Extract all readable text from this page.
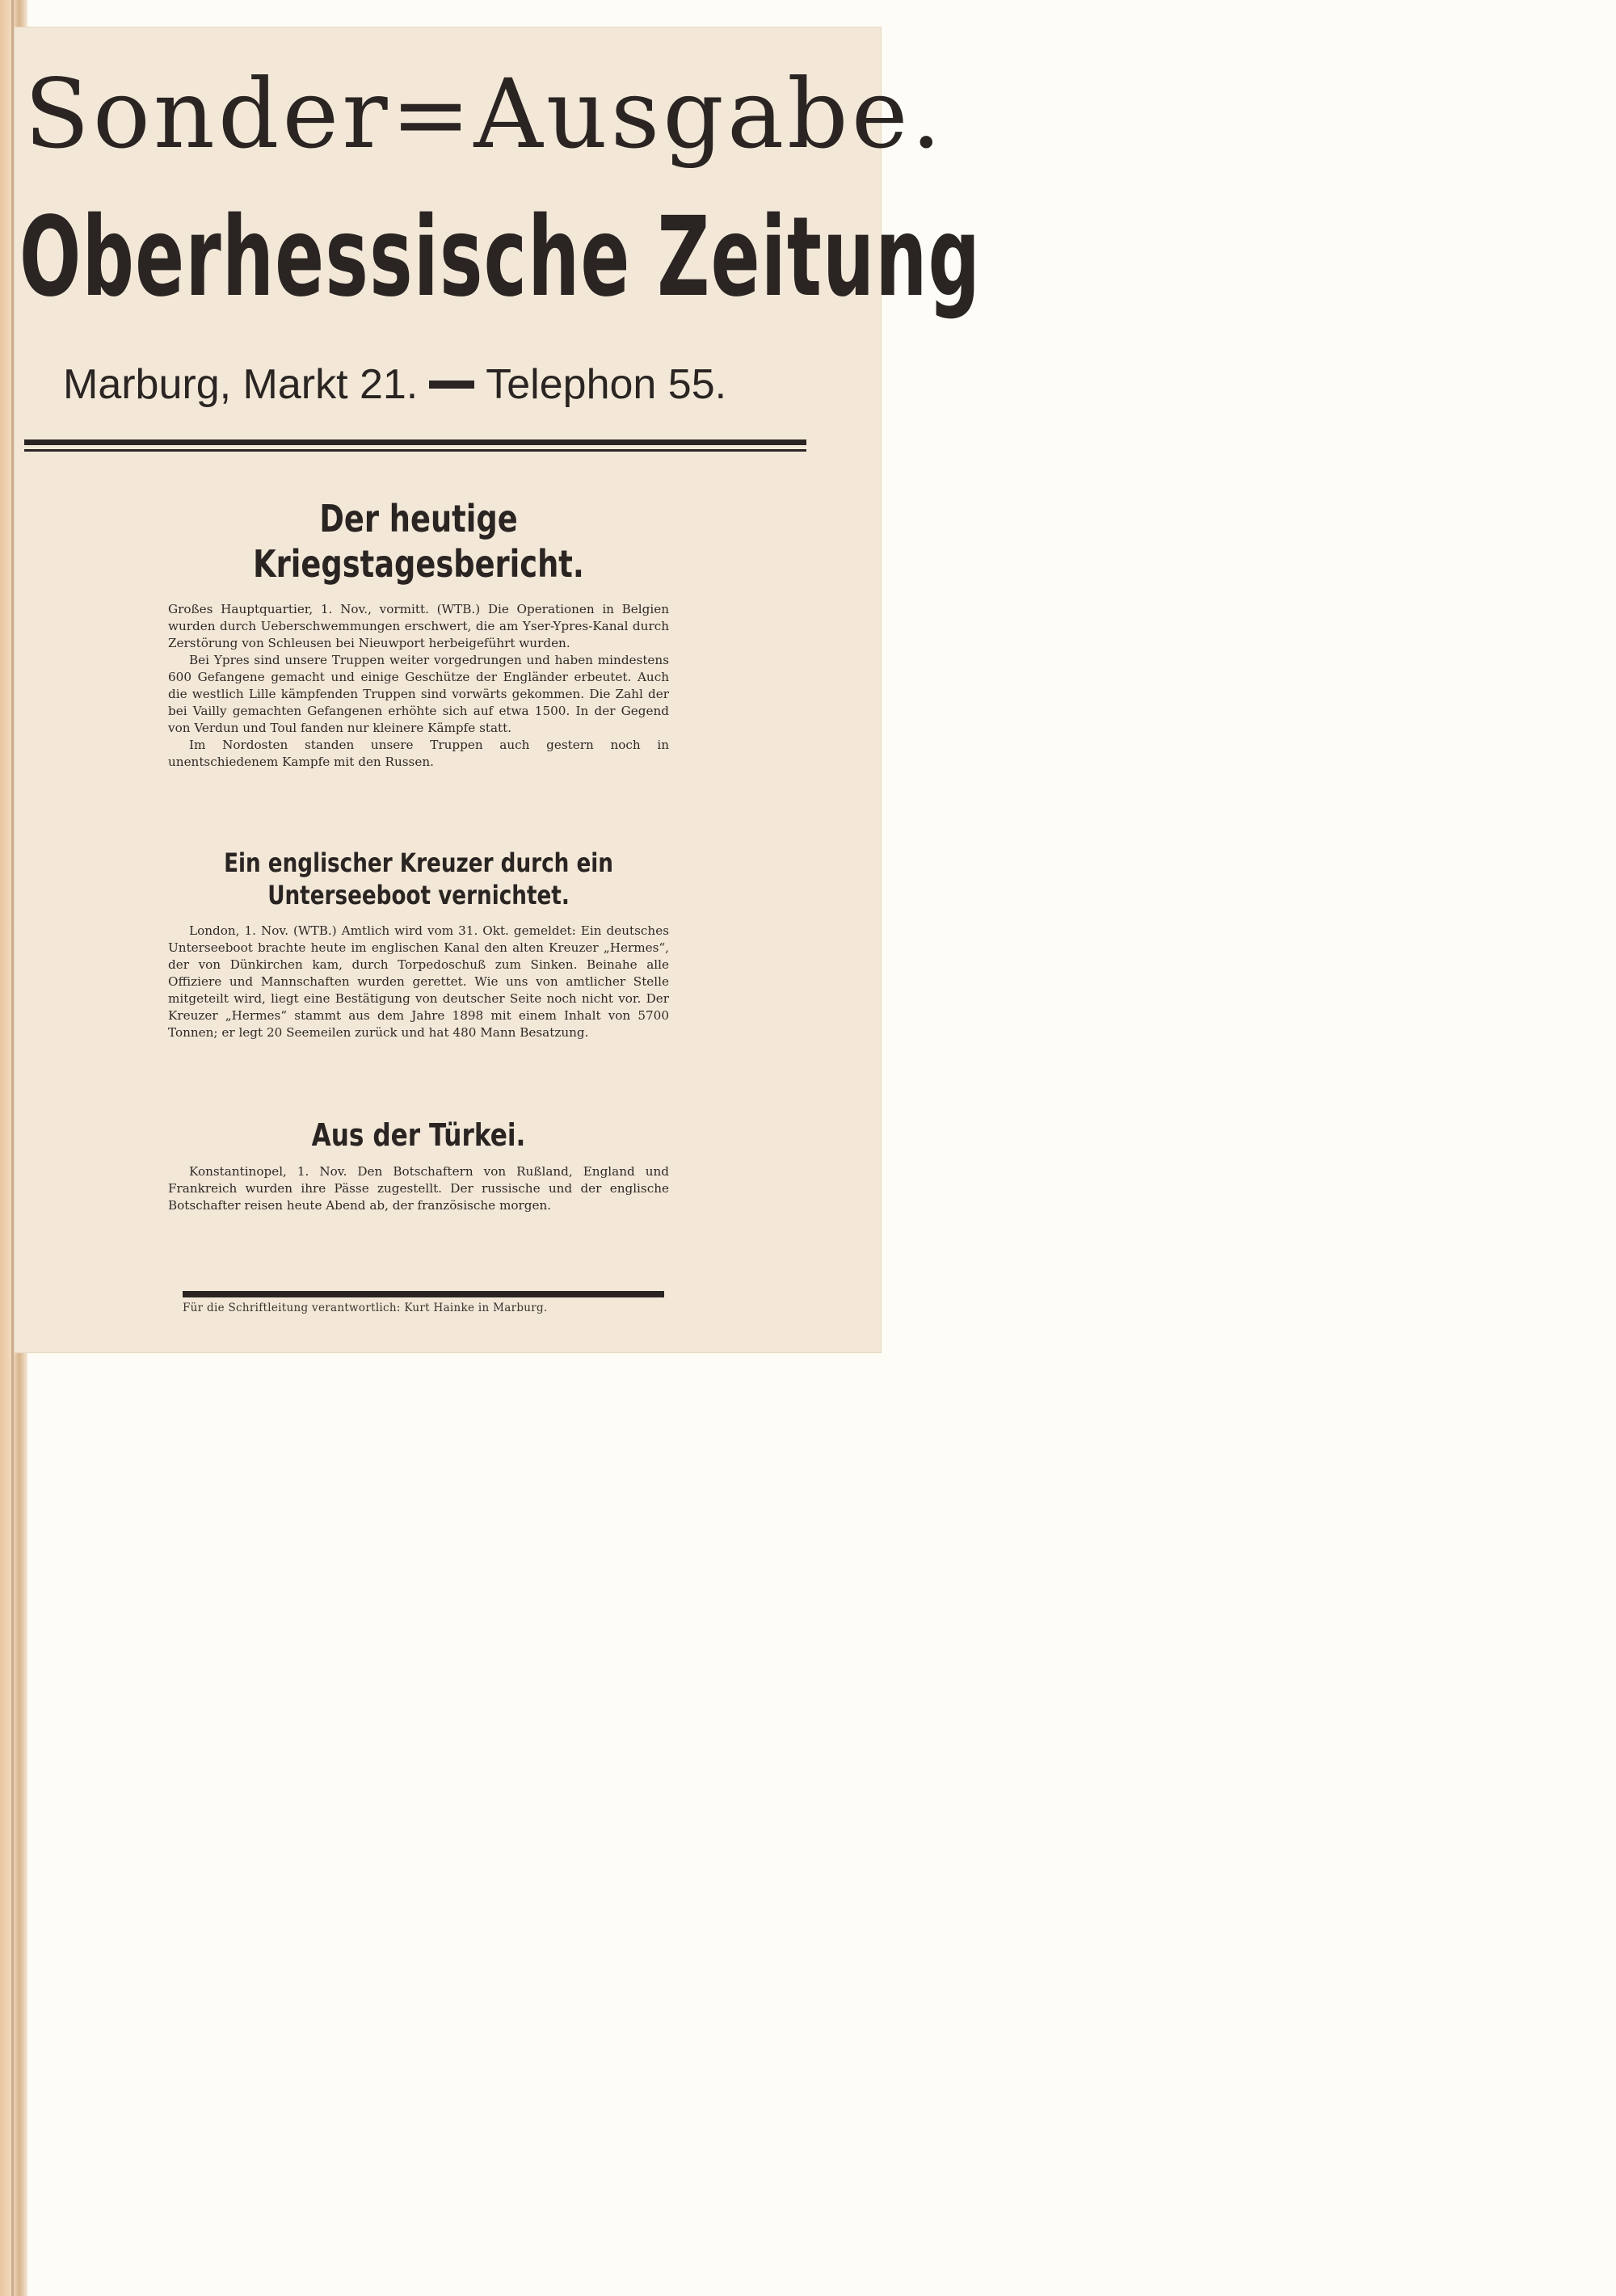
Sonder=Ausgabe.
Oberhessische Zeitung
Marburg, Markt 21. Telephon 55.
Der heutige Kriegstagesbericht.

Großes Hauptquartier, 1. Nov., vormitt. (WTB.) Die Operationen in Belgien wurden durch Ueberschwemmungen erschwert, die am Yser-Ypres-Kanal durch Zerstörung von Schleusen bei Nieuwport herbeigeführt wurden.

Bei Ypres sind unsere Truppen weiter vorgedrungen und haben mindestens 600 Gefangene gemacht und einige Geschütze der Engländer erbeutet. Auch die westlich Lille kämpfenden Truppen sind vorwärts gekommen. Die Zahl der bei Vailly gemachten Gefangenen erhöhte sich auf etwa 1500. In der Gegend von Verdun und Toul fanden nur kleinere Kämpfe statt.

Im Nordosten standen unsere Truppen auch gestern noch in unentschiedenem Kampfe mit den Russen.

Ein englischer Kreuzer durch ein Unterseeboot vernichtet.

London, 1. Nov. (WTB.) Amtlich wird vom 31. Okt. gemeldet: Ein deutsches Unterseeboot brachte heute im englischen Kanal den alten Kreuzer „Hermes“, der von Dünkirchen kam, durch Torpedoschuß zum Sinken. Beinahe alle Offiziere und Mannschaften wurden gerettet. Wie uns von amtlicher Stelle mitgeteilt wird, liegt eine Bestätigung von deutscher Seite noch nicht vor. Der Kreuzer „Hermes“ stammt aus dem Jahre 1898 mit einem Inhalt von 5700 Tonnen; er legt 20 Seemeilen zurück und hat 480 Mann Besatzung.

Aus der Türkei.

Konstantinopel, 1. Nov. Den Botschaftern von Rußland, England und Frankreich wurden ihre Pässe zugestellt. Der russische und der englische Botschafter reisen heute Abend ab, der französische morgen.

Für die Schriftleitung verantwortlich: Kurt Hainke in Marburg.
